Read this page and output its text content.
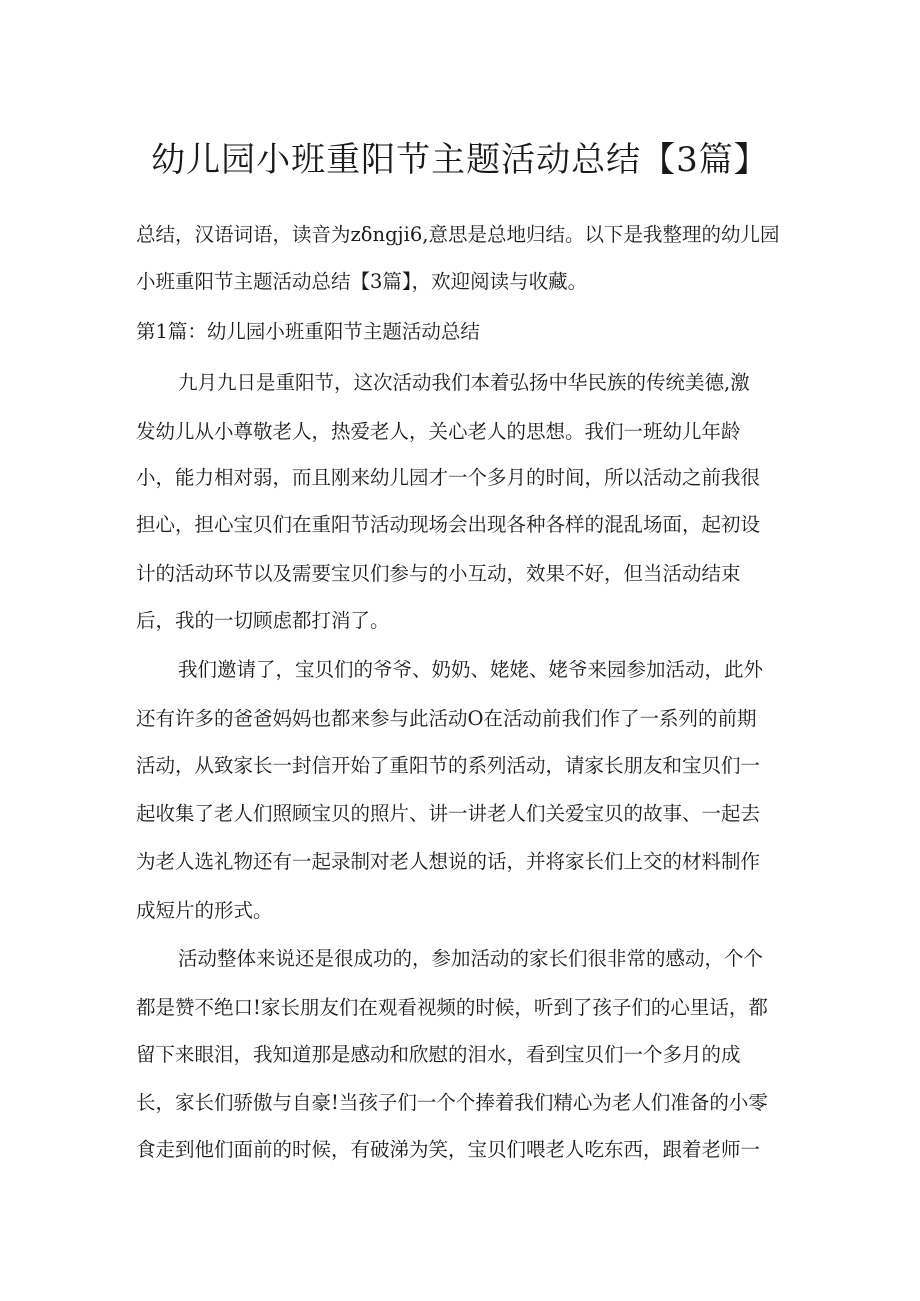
幼儿园小班重阳节主题活动总结【3篇】

总结，汉语词语，读音为zδngji6,意思是总地归结。以下是我整理的幼儿园

小班重阳节主题活动总结【3篇】，欢迎阅读与收藏。

第1篇：幼儿园小班重阳节主题活动总结

九月九日是重阳节，这次活动我们本着弘扬中华民族的传统美德,激

发幼儿从小尊敬老人，热爱老人，关心老人的思想。我们一班幼儿年龄

小，能力相对弱，而且刚来幼儿园才一个多月的时间，所以活动之前我很

担心，担心宝贝们在重阳节活动现场会出现各种各样的混乱场面，起初设

计的活动环节以及需要宝贝们参与的小互动，效果不好，但当活动结束

后，我的一切顾虑都打消了。

我们邀请了，宝贝们的爷爷、奶奶、姥姥、姥爷来园参加活动，此外

还有许多的爸爸妈妈也都来参与此活动O在活动前我们作了一系列的前期

活动，从致家长一封信开始了重阳节的系列活动，请家长朋友和宝贝们一

起收集了老人们照顾宝贝的照片、讲一讲老人们关爱宝贝的故事、一起去

为老人选礼物还有一起录制对老人想说的话，并将家长们上交的材料制作

成短片的形式。

活动整体来说还是很成功的，参加活动的家长们很非常的感动，个个

都是赞不绝口!家长朋友们在观看视频的时候，听到了孩子们的心里话，都

留下来眼泪，我知道那是感动和欣慰的泪水，看到宝贝们一个多月的成

长，家长们骄傲与自豪!当孩子们一个个捧着我们精心为老人们准备的小零

食走到他们面前的时候，有破涕为笑，宝贝们喂老人吃东西，跟着老师一
